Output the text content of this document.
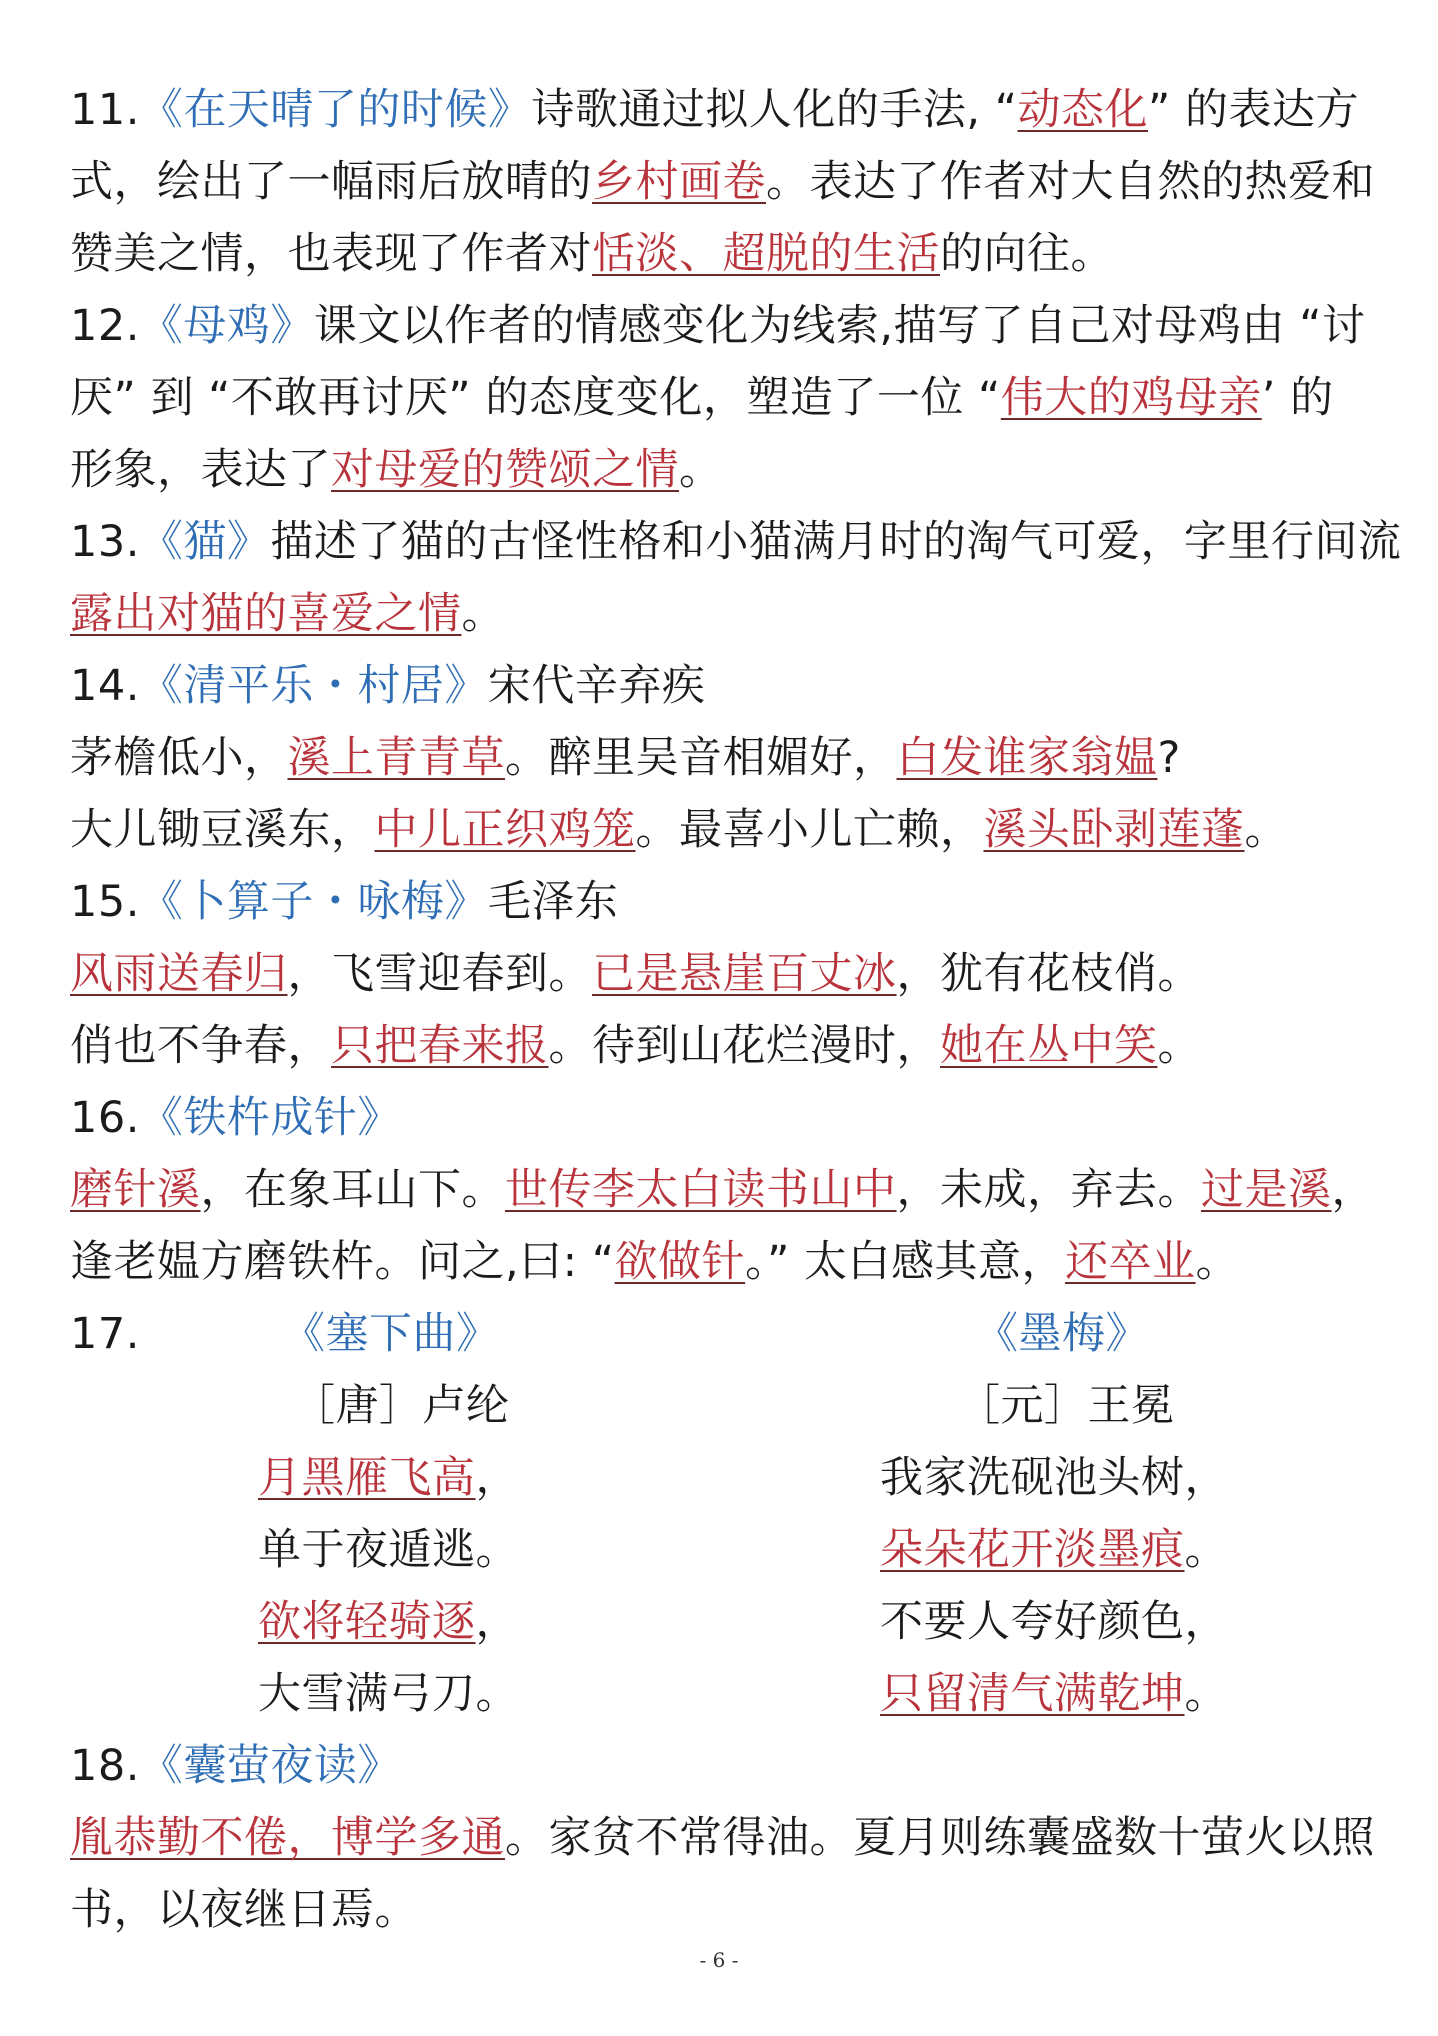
11.《在天晴了的时候》诗歌通过拟人化的手法, “动态化” 的表达方
式，绘出了一幅雨后放晴的乡村画卷。表达了作者对大自然的热爱和
赞美之情，也表现了作者对恬淡、超脱的生活的向往。
12.《母鸡》课文以作者的情感变化为线索,描写了自己对母鸡由 “讨
厌” 到 “不敢再讨厌” 的态度变化，塑造了一位 “伟大的鸡母亲’ 的
形象，表达了对母爱的赞颂之情。
13.《猫》描述了猫的古怪性格和小猫满月时的淘气可爱，字里行间流
露出对猫的喜爱之情。
14.《清平乐・村居》宋代辛弃疾
茅檐低小，溪上青青草。醉里吴音相媚好，白发谁家翁媪?
大儿锄豆溪东，中儿正织鸡笼。最喜小儿亡赖，溪头卧剥莲蓬。
15.《卜算子・咏梅》毛泽东
风雨送春归，飞雪迎春到。已是悬崖百丈冰，犹有花枝俏。
俏也不争春，只把春来报。待到山花烂漫时，她在丛中笑。
16.《铁杵成针》
磨针溪，在象耳山下。世传李太白读书山中，未成，弃去。过是溪，
逢老媪方磨铁杵。问之,曰: “欲做针。” 太白感其意，还卒业。
17.	《塞下曲》	《墨梅》
［唐］卢纶	［元］王冕
月黑雁飞高，	我家洗砚池头树，
单于夜遁逃。	朵朵花开淡墨痕。
欲将轻骑逐，	不要人夸好颜色，
大雪满弓刀。	只留清气满乾坤。
18.《囊萤夜读》
胤恭勤不倦，博学多通。家贫不常得油。夏月则练囊盛数十萤火以照
书，以夜继日焉。
- 6 -
